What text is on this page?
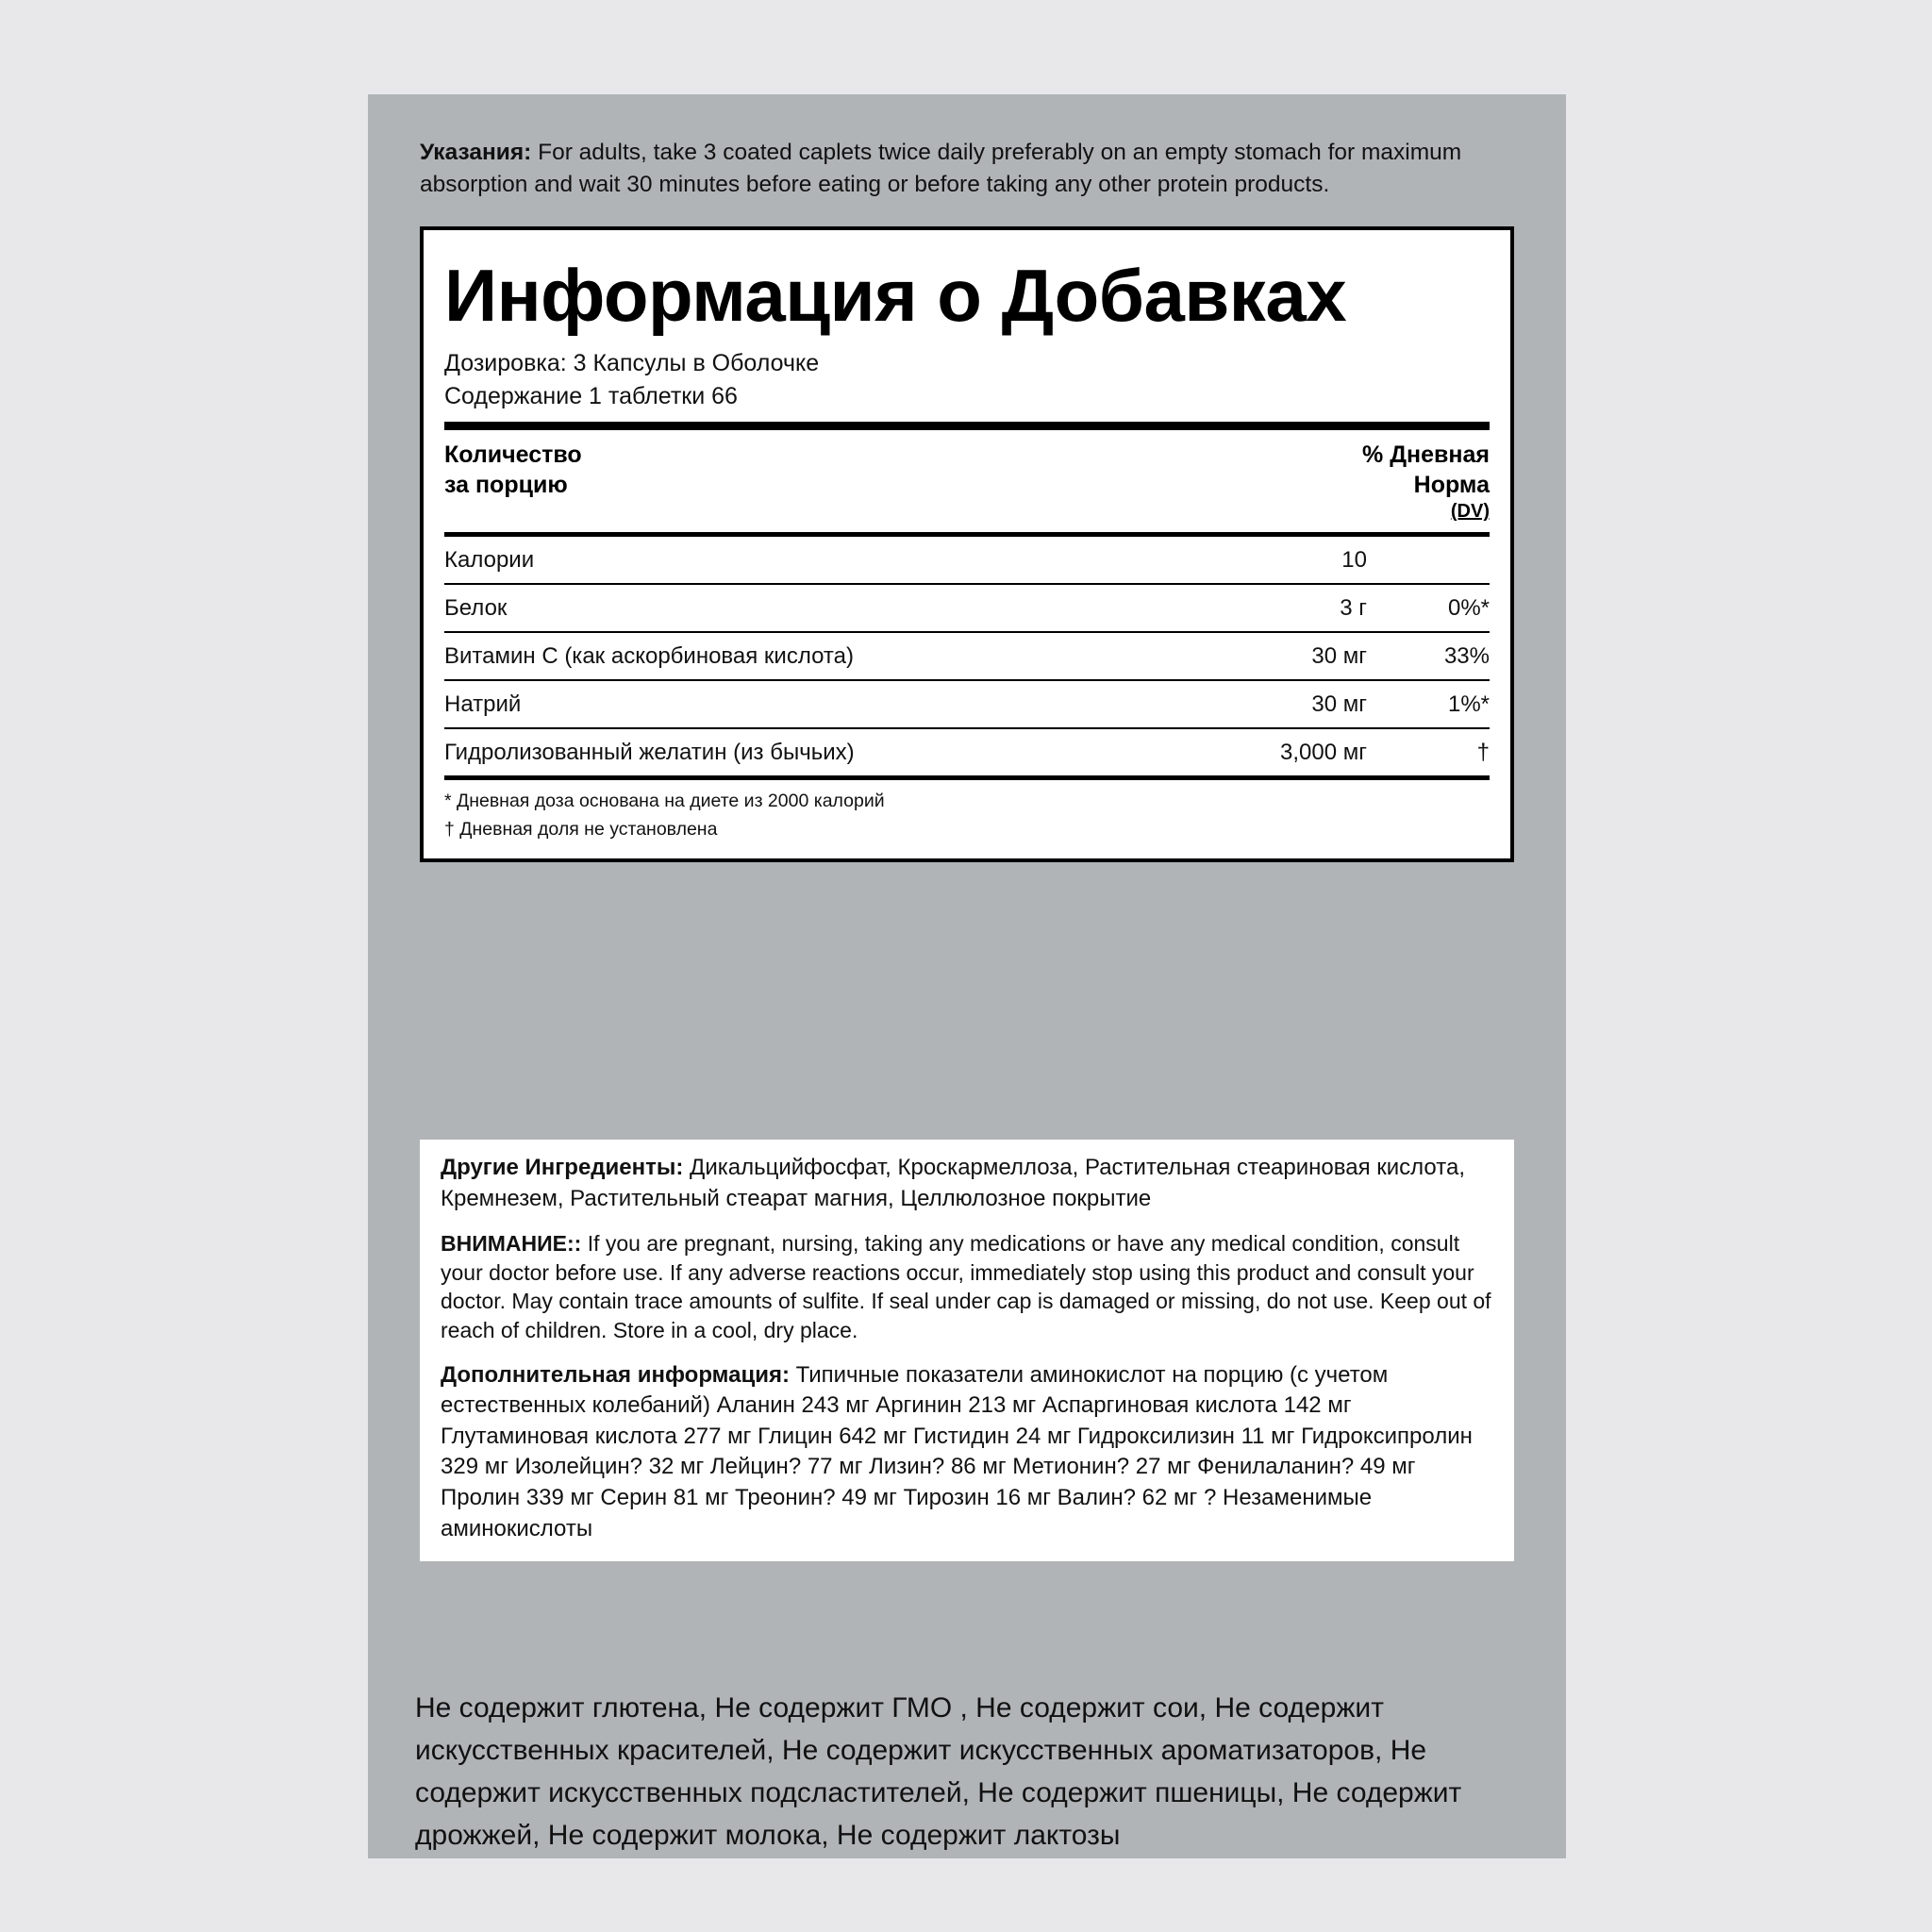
Указания: For adults, take 3 coated caplets twice daily preferably on an empty stomach for maximum absorption and wait 30 minutes before eating or before taking any other protein products.
Информация о Добавках
Дозировка: 3 Капсулы в Оболочке
Содержание 1 таблетки 66
Количество
за порцию
% Дневная
Норма
(DV)
Калории	10
Белок	3 г	0%*
Витамин C (как аскорбиновая кислота)	30 мг	33%
Натрий	30 мг	1%*
Гидролизованный желатин (из бычьих)	3,000 мг	†
* Дневная доза основана на диете из 2000 калорий
† Дневная доля не установлена
Другие Ингредиенты: Дикальцийфосфат, Кроскармеллоза, Растительная стеариновая кислота, Кремнезем, Растительный стеарат магния, Целлюлозное покрытие
ВНИМАНИЕ:: If you are pregnant, nursing, taking any medications or have any medical condition, consult your doctor before use. If any adverse reactions occur, immediately stop using this product and consult your doctor. May contain trace amounts of sulfite. If seal under cap is damaged or missing, do not use. Keep out of reach of children. Store in a cool, dry place.
Дополнительная информация: Типичные показатели аминокислот на порцию (с учетом естественных колебаний) Аланин 243 мг Аргинин 213 мг Аспаргиновая кислота 142 мг Глутаминовая кислота 277 мг Глицин 642 мг Гистидин 24 мг Гидроксилизин 11 мг Гидроксипролин 329 мг Изолейцин? 32 мг Лейцин? 77 мг Лизин? 86 мг Метионин? 27 мг Фенилаланин? 49 мг Пролин 339 мг Серин 81 мг Треонин? 49 мг Тирозин 16 мг Валин? 62 мг ? Незаменимые аминокислоты
Не содержит глютена, Не содержит ГМО , Не содержит сои, Не содержит искусственных красителей, Не содержит искусственных ароматизаторов, Не содержит искусственных подсластителей, Не содержит пшеницы, Не содержит дрожжей, Не содержит молока, Не содержит лактозы
